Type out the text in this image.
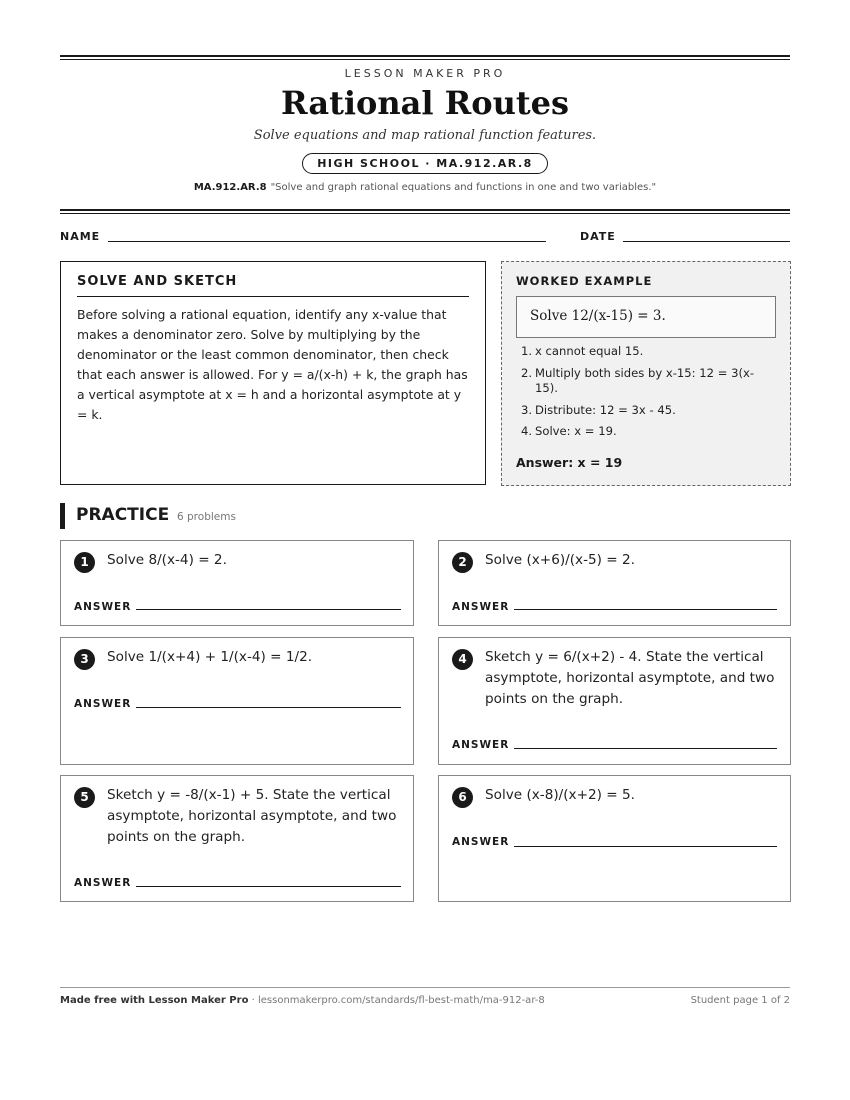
LESSON MAKER PRO
Rational Routes
Solve equations and map rational function features.
HIGH SCHOOL · MA.912.AR.8
MA.912.AR.8 "Solve and graph rational equations and functions in one and two variables."
NAME	DATE
SOLVE AND SKETCH

Before solving a rational equation, identify any x-value that makes a denominator zero. Solve by multiplying by the denominator or the least common denominator, then check that each answer is allowed. For y = a/(x-h) + k, the graph has a vertical asymptote at x = h and a horizontal asymptote at y = k.

WORKED EXAMPLE
Solve 12/(x-15) = 3.
1. x cannot equal 15.
2. Multiply both sides by x-15: 12 = 3(x-15).
3. Distribute: 12 = 3x - 45.
4. Solve: x = 19.
Answer: x = 19
PRACTICE 6 problems
1	Solve 8/(x-4) = 2.
ANSWER
2	Solve (x+6)/(x-5) = 2.
ANSWER
3	Solve 1/(x+4) + 1/(x-4) = 1/2.
ANSWER
4	Sketch y = 6/(x+2) - 4. State the vertical asymptote, horizontal asymptote, and two points on the graph.
ANSWER
5	Sketch y = -8/(x-1) + 5. State the vertical asymptote, horizontal asymptote, and two points on the graph.
ANSWER
6	Solve (x-8)/(x+2) = 5.
ANSWER
Made free with Lesson Maker Pro · lessonmakerpro.com/standards/fl-best-math/ma-912-ar-8	Student page 1 of 2
